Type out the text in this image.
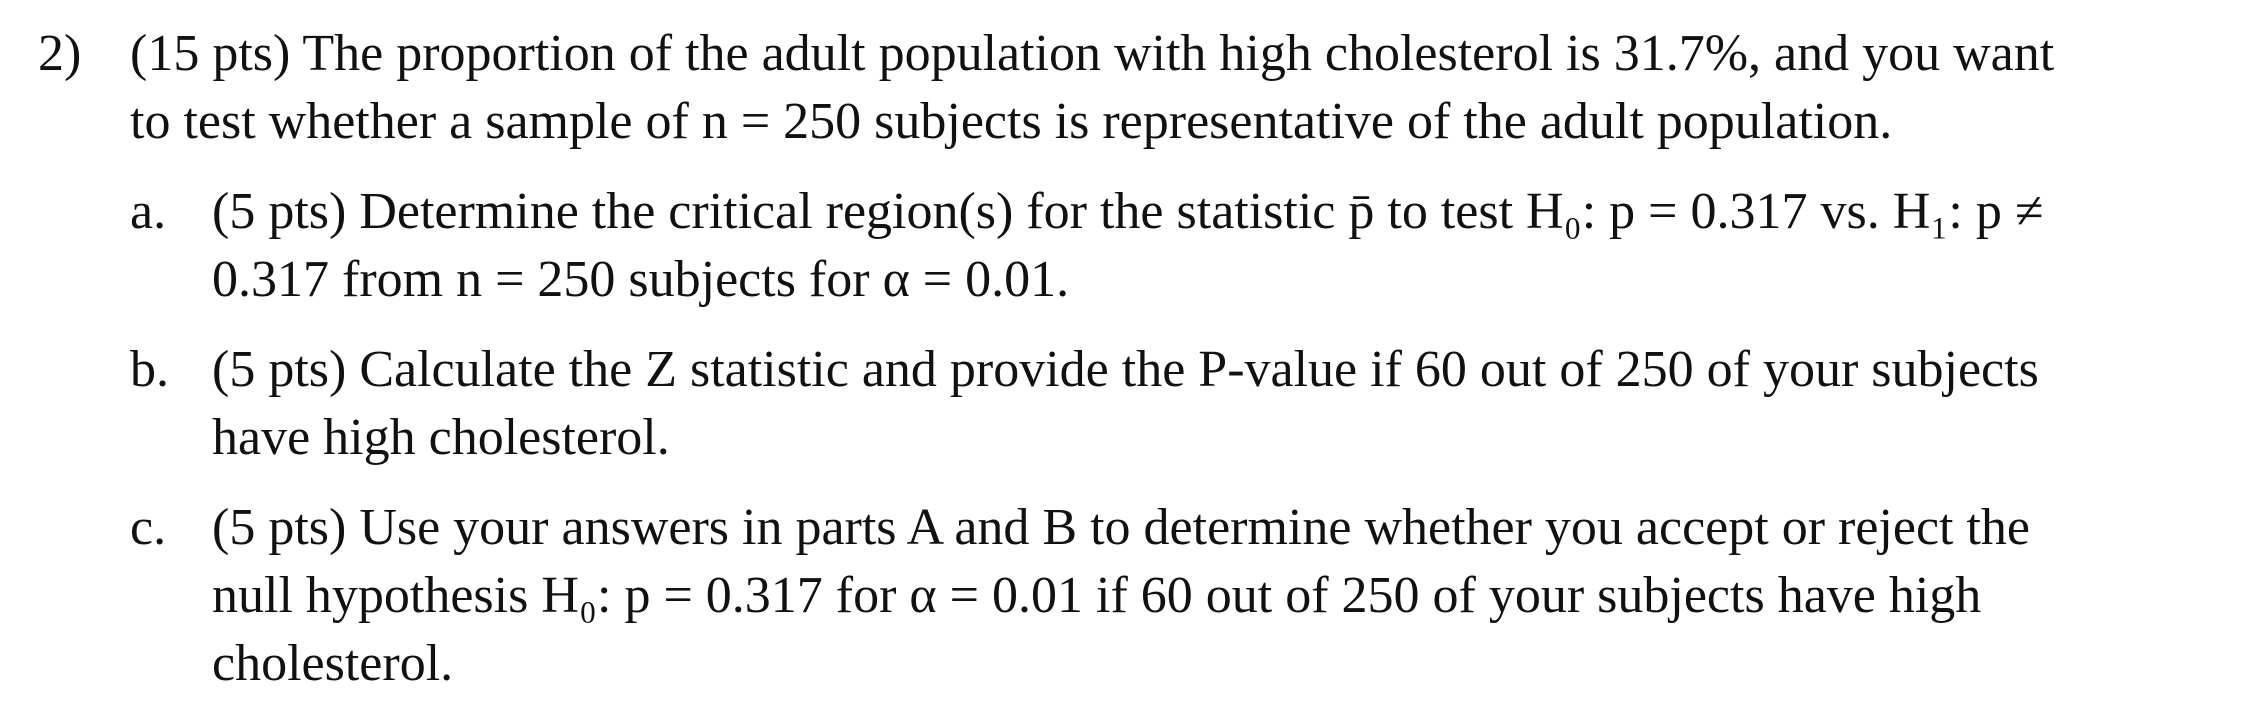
2) (15 pts) The proportion of the adult population with high cholesterol is 31.7%, and you want
to test whether a sample of n = 250 subjects is representative of the adult population.
a. (5 pts) Determine the critical region(s) for the statistic p̄ to test H₀: p = 0.317 vs. H₁: p ≠
0.317 from n = 250 subjects for α = 0.01.
b. (5 pts) Calculate the Z statistic and provide the P-value if 60 out of 250 of your subjects
have high cholesterol.
c. (5 pts) Use your answers in parts A and B to determine whether you accept or reject the
null hypothesis H₀: p = 0.317 for α = 0.01 if 60 out of 250 of your subjects have high
cholesterol.
